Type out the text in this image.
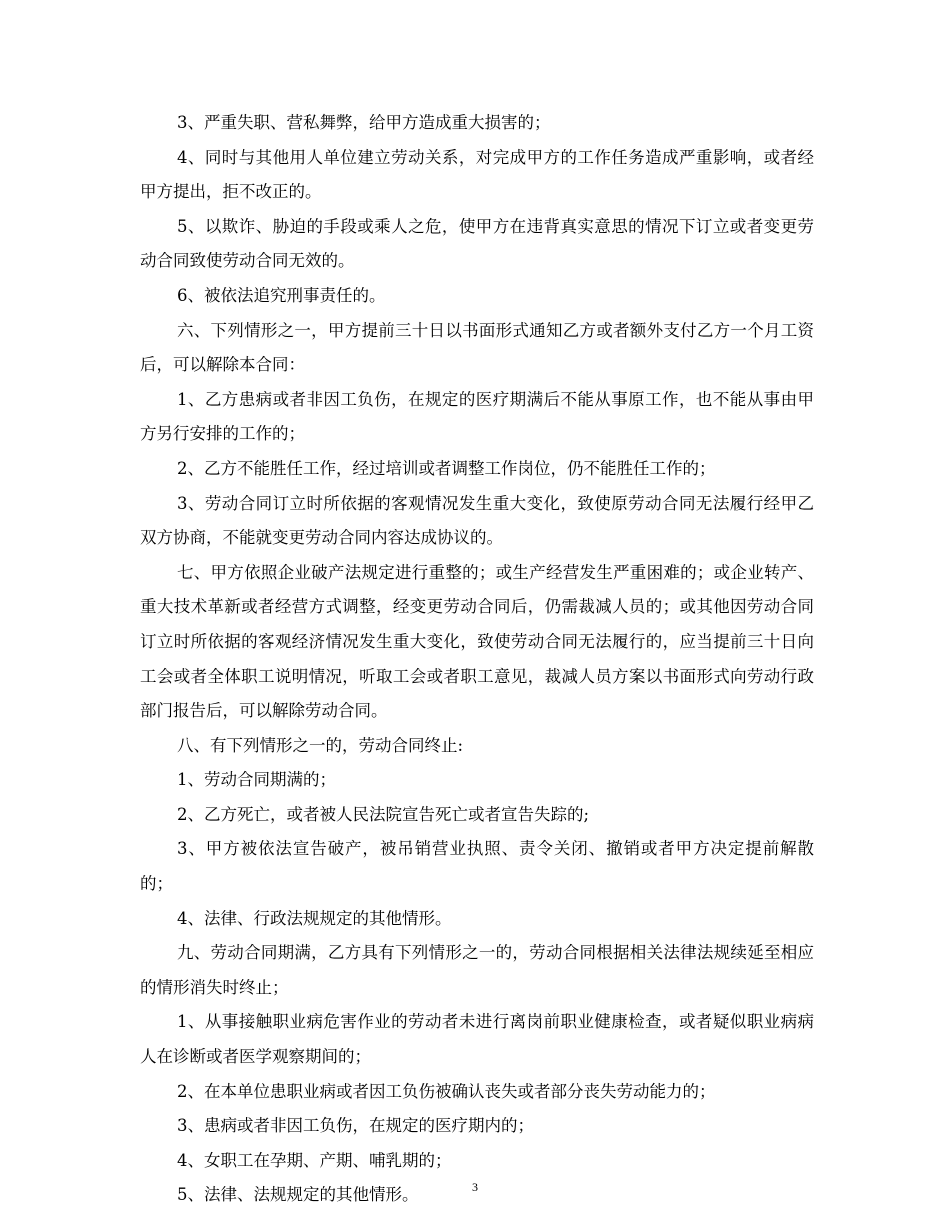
3、严重失职、营私舞弊，给甲方造成重大损害的；

4、同时与其他用人单位建立劳动关系，对完成甲方的工作任务造成严重影响，或者经甲方提出，拒不改正的。

5、以欺诈、胁迫的手段或乘人之危，使甲方在违背真实意思的情况下订立或者变更劳动合同致使劳动合同无效的。

6、被依法追究刑事责任的。

六、下列情形之一，甲方提前三十日以书面形式通知乙方或者额外支付乙方一个月工资后，可以解除本合同：

1、乙方患病或者非因工负伤，在规定的医疗期满后不能从事原工作，也不能从事由甲方另行安排的工作的；

2、乙方不能胜任工作，经过培训或者调整工作岗位，仍不能胜任工作的；

3、劳动合同订立时所依据的客观情况发生重大变化，致使原劳动合同无法履行经甲乙双方协商，不能就变更劳动合同内容达成协议的。

七、甲方依照企业破产法规定进行重整的；或生产经营发生严重困难的；或企业转产、重大技术革新或者经营方式调整，经变更劳动合同后，仍需裁减人员的；或其他因劳动合同订立时所依据的客观经济情况发生重大变化，致使劳动合同无法履行的，应当提前三十日向工会或者全体职工说明情况，听取工会或者职工意见，裁减人员方案以书面形式向劳动行政部门报告后，可以解除劳动合同。

八、有下列情形之一的，劳动合同终止:

1、劳动合同期满的；

2、乙方死亡，或者被人民法院宣告死亡或者宣告失踪的;

3、甲方被依法宣告破产，被吊销营业执照、责令关闭、撤销或者甲方决定提前解散的；

4、法律、行政法规规定的其他情形。

九、劳动合同期满，乙方具有下列情形之一的，劳动合同根据相关法律法规续延至相应的情形消失时终止；

1、从事接触职业病危害作业的劳动者未进行离岗前职业健康检查，或者疑似职业病病人在诊断或者医学观察期间的；

2、在本单位患职业病或者因工负伤被确认丧失或者部分丧失劳动能力的；

3、患病或者非因工负伤，在规定的医疗期内的；

4、女职工在孕期、产期、哺乳期的；

5、法律、法规规定的其他情形。	3
